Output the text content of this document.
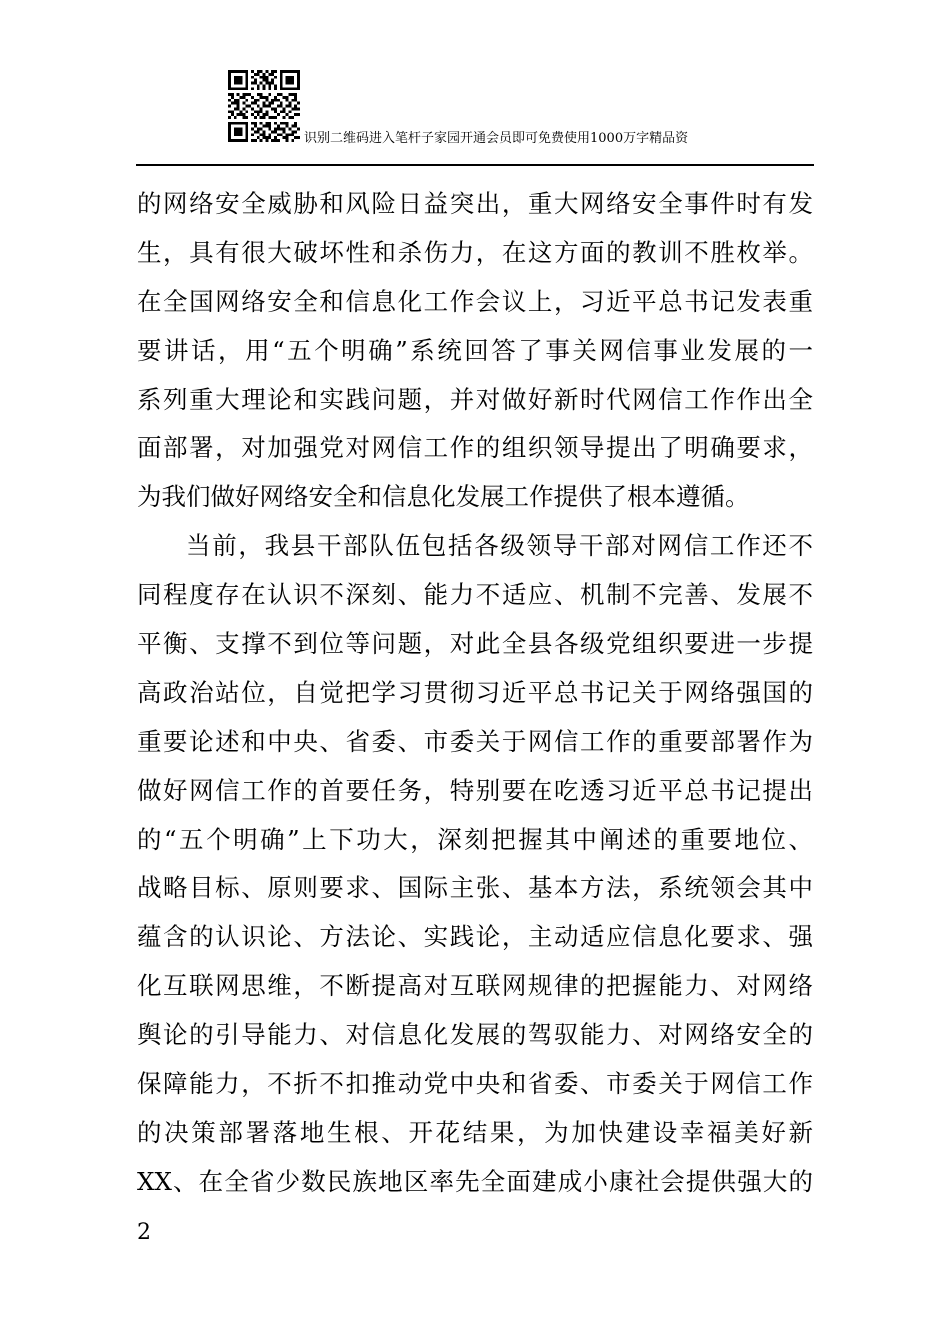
识别二维码进入笔杆子家园开通会员即可免费使用1000万字精品资
的网络安全威胁和风险日益突出，重大网络安全事件时有发
生，具有很大破坏性和杀伤力，在这方面的教训不胜枚举。
在全国网络安全和信息化工作会议上，习近平总书记发表重
要讲话，用“五个明确”系统回答了事关网信事业发展的一
系列重大理论和实践问题，并对做好新时代网信工作作出全
面部署，对加强党对网信工作的组织领导提出了明确要求，
为我们做好网络安全和信息化发展工作提供了根本遵循。
当前，我县干部队伍包括各级领导干部对网信工作还不
同程度存在认识不深刻、能力不适应、机制不完善、发展不
平衡、支撑不到位等问题，对此全县各级党组织要进一步提
高政治站位，自觉把学习贯彻习近平总书记关于网络强国的
重要论述和中央、省委、市委关于网信工作的重要部署作为
做好网信工作的首要任务，特别要在吃透习近平总书记提出
的“五个明确”上下功大，深刻把握其中阐述的重要地位、
战略目标、原则要求、国际主张、基本方法，系统领会其中
蕴含的认识论、方法论、实践论，主动适应信息化要求、强
化互联网思维，不断提高对互联网规律的把握能力、对网络
舆论的引导能力、对信息化发展的驾驭能力、对网络安全的
保障能力，不折不扣推动党中央和省委、市委关于网信工作
的决策部署落地生根、开花结果，为加快建设幸福美好新
XX、在全省少数民族地区率先全面建成小康社会提供强大的
2
